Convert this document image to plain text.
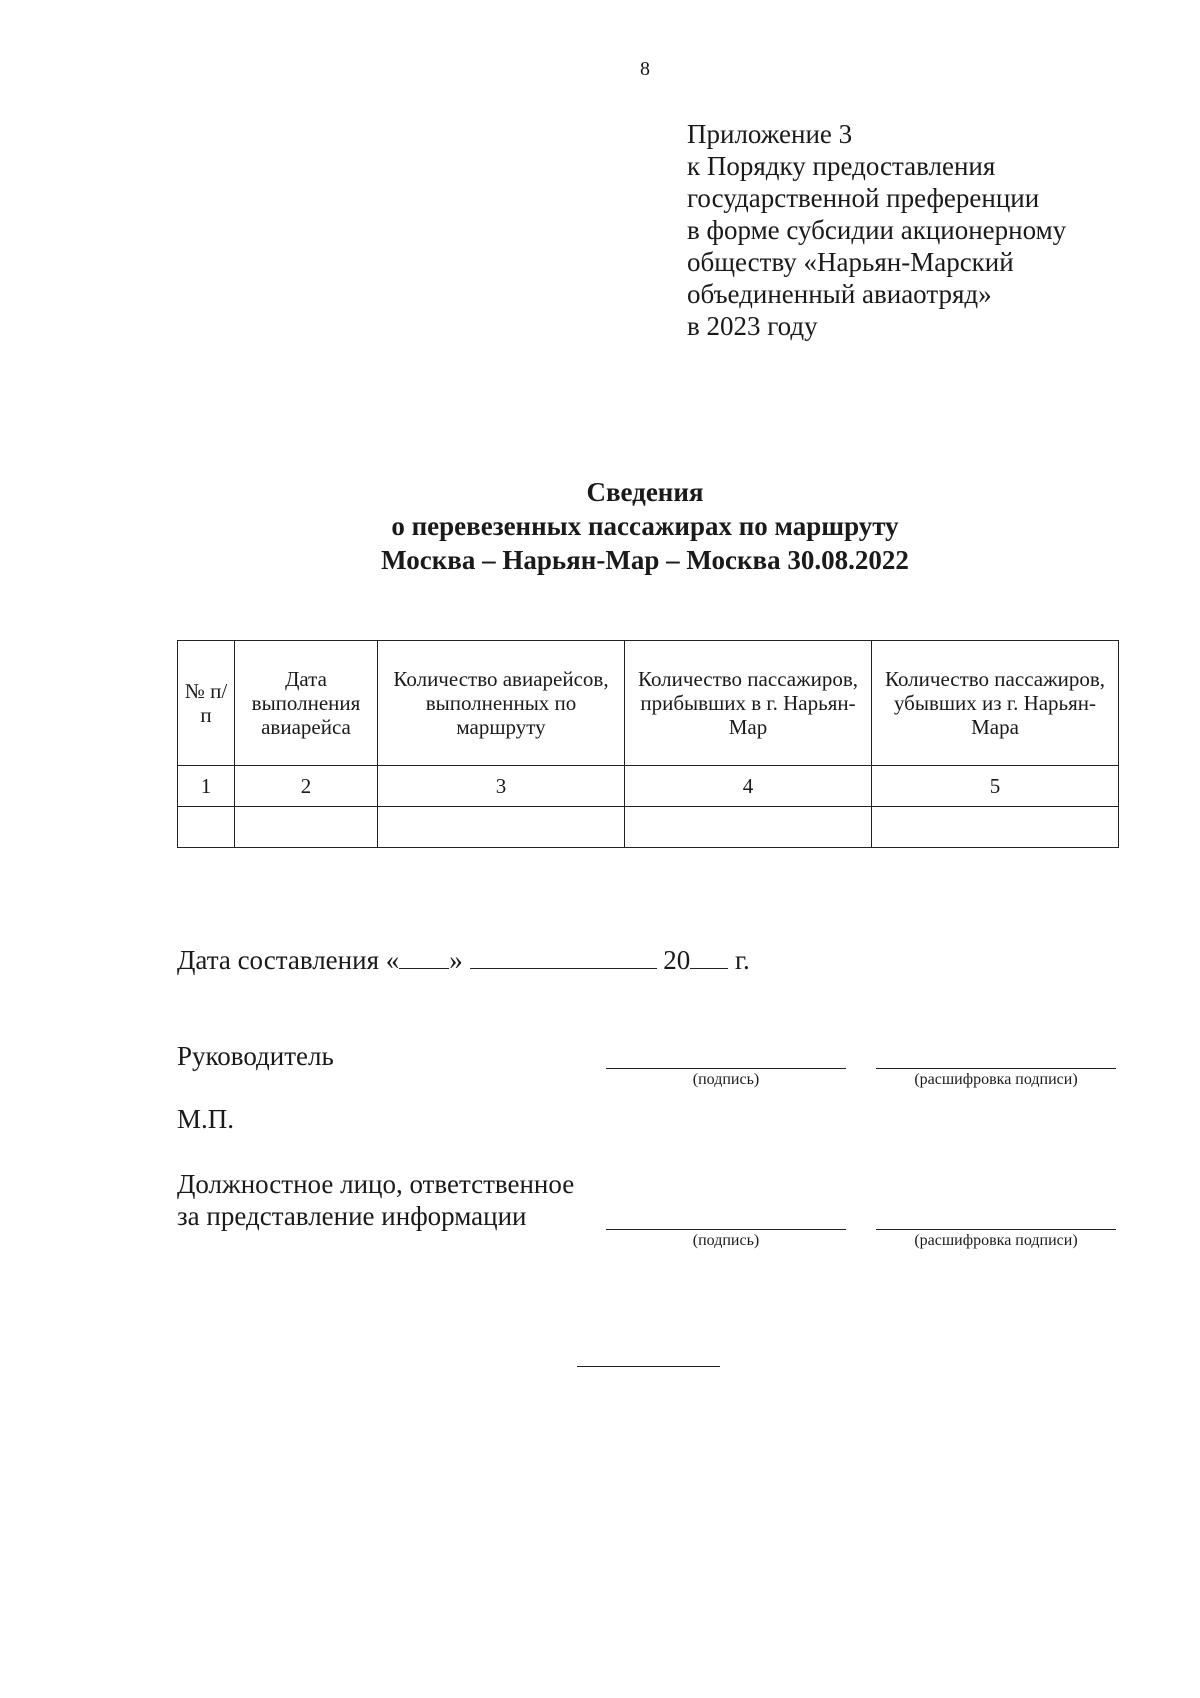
8
Приложение 3
к Порядку предоставления
государственной преференции
в форме субсидии акционерному
обществу «Нарьян-Марский
объединенный авиаотряд»
в 2023 году
Сведения
о перевезенных пассажирах по маршруту
Москва – Нарьян-Мар – Москва 30.08.2022
№ п/п	Дата выполнения авиарейса	Количество авиарейсов, выполненных по маршруту	Количество пассажиров, прибывших в г. Нарьян-Мар	Количество пассажиров, убывших из г. Нарьян-Мара
1	2	3	4	5

Дата составления « »	20 г.
Руководитель
(подпись)	(расшифровка подписи)
М.П.
Должностное лицо, ответственное
за представление информации
(подпись)	(расшифровка подписи)
